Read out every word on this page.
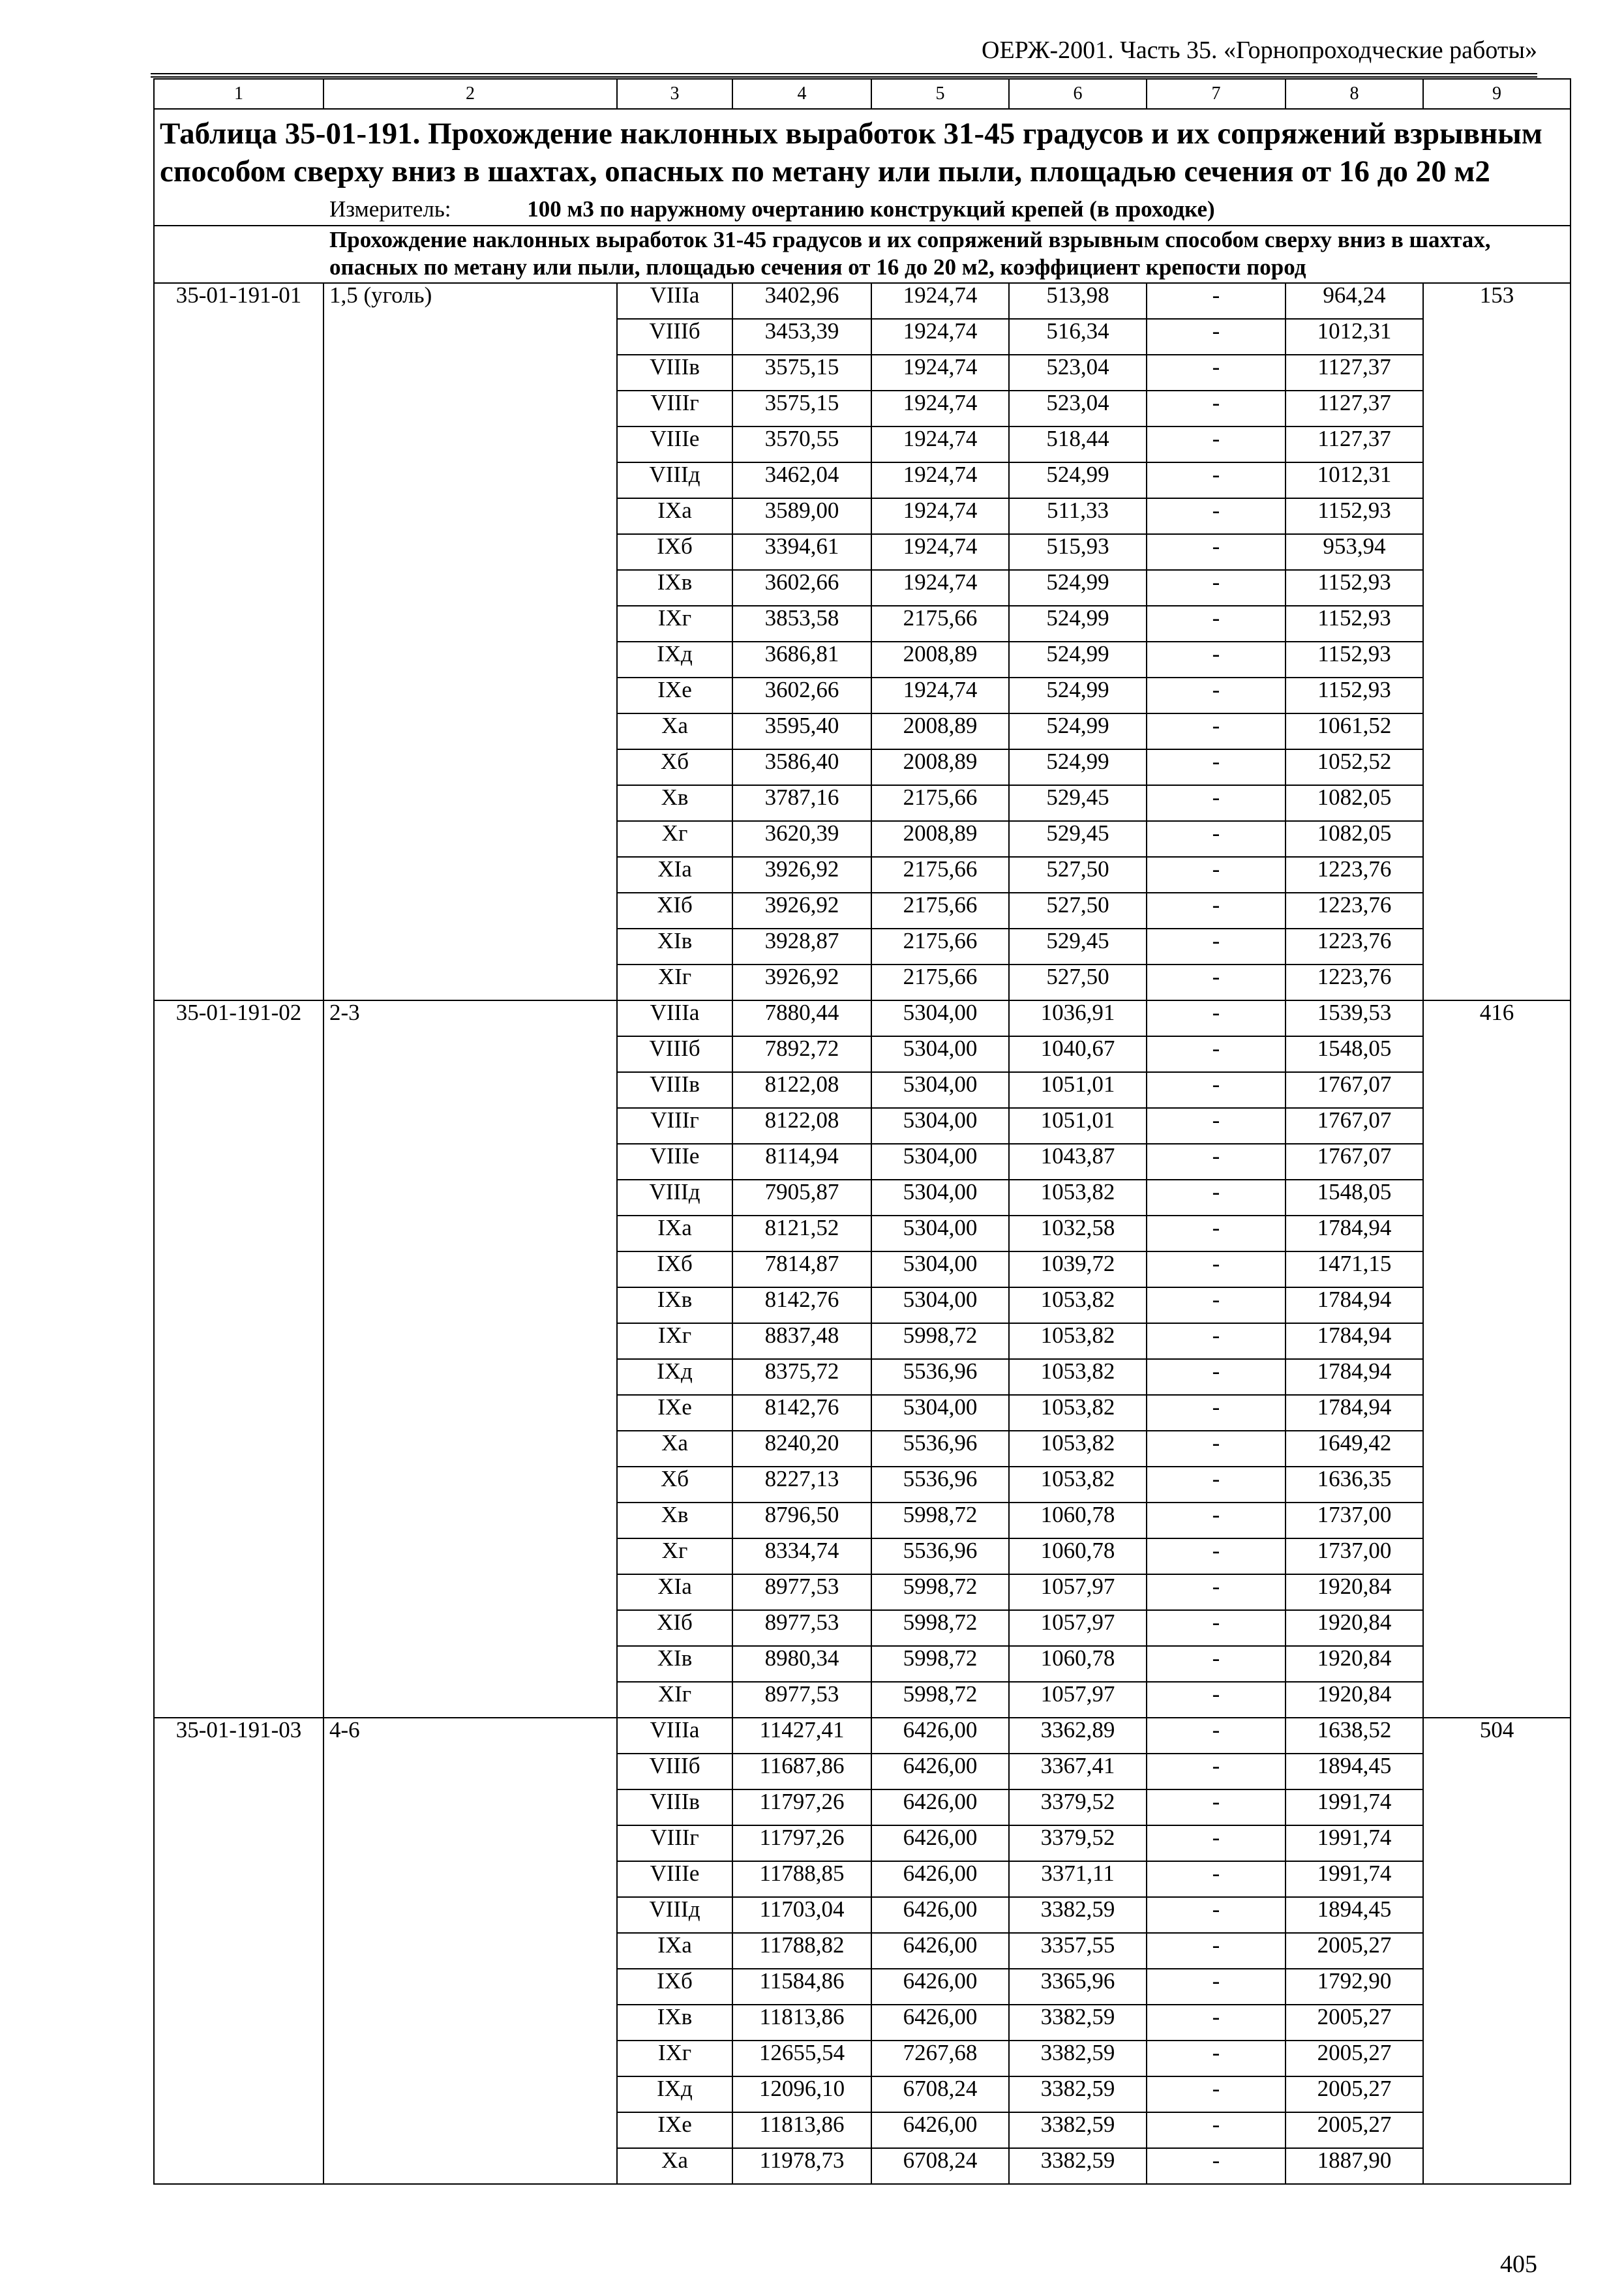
ОЕРЖ-2001. Часть 35. «Горнопроходческие работы»
1	2	3	4	5	6	7	8	9

Таблица 35-01-191. Прохождение наклонных выработок 31-45 градусов и их сопряжений взрывным способом сверху вниз в шахтах, опасных по метану или пыли, площадью сечения от 16 до 20 м2
Измеритель: 100 м3 по наружному очертанию конструкций крепей (в проходке)								

Прохождение наклонных выработок 31-45 градусов и их сопряжений взрывным способом сверху вниз в шахтах, опасных по метану или пыли, площадью сечения от 16 до 20 м2, коэффициент крепости пород								

35-01-191-01	1,5 (уголь)	VIIIа	3402,96	1924,74	513,98	-	964,24	153
		VIIIб	3453,39	1924,74	516,34	-	1012,31	
		VIIIв	3575,15	1924,74	523,04	-	1127,37	
		VIIIг	3575,15	1924,74	523,04	-	1127,37	
		VIIIе	3570,55	1924,74	518,44	-	1127,37	
		VIIIд	3462,04	1924,74	524,99	-	1012,31	
		IXа	3589,00	1924,74	511,33	-	1152,93	
		IXб	3394,61	1924,74	515,93	-	953,94	
		IXв	3602,66	1924,74	524,99	-	1152,93	
		IXг	3853,58	2175,66	524,99	-	1152,93	
		IXд	3686,81	2008,89	524,99	-	1152,93	
		IXе	3602,66	1924,74	524,99	-	1152,93	
		Xа	3595,40	2008,89	524,99	-	1061,52	
		Xб	3586,40	2008,89	524,99	-	1052,52	
		Xв	3787,16	2175,66	529,45	-	1082,05	
		Xг	3620,39	2008,89	529,45	-	1082,05	
		XIа	3926,92	2175,66	527,50	-	1223,76	
		XIб	3926,92	2175,66	527,50	-	1223,76	
		XIв	3928,87	2175,66	529,45	-	1223,76	
		XIг	3926,92	2175,66	527,50	-	1223,76	
35-01-191-02	2-3	VIIIа	7880,44	5304,00	1036,91	-	1539,53	416
		VIIIб	7892,72	5304,00	1040,67	-	1548,05	
		VIIIв	8122,08	5304,00	1051,01	-	1767,07	
		VIIIг	8122,08	5304,00	1051,01	-	1767,07	
		VIIIе	8114,94	5304,00	1043,87	-	1767,07	
		VIIIд	7905,87	5304,00	1053,82	-	1548,05	
		IXа	8121,52	5304,00	1032,58	-	1784,94	
		IXб	7814,87	5304,00	1039,72	-	1471,15	
		IXв	8142,76	5304,00	1053,82	-	1784,94	
		IXг	8837,48	5998,72	1053,82	-	1784,94	
		IXд	8375,72	5536,96	1053,82	-	1784,94	
		IXе	8142,76	5304,00	1053,82	-	1784,94	
		Xа	8240,20	5536,96	1053,82	-	1649,42	
		Xб	8227,13	5536,96	1053,82	-	1636,35	
		Xв	8796,50	5998,72	1060,78	-	1737,00	
		Xг	8334,74	5536,96	1060,78	-	1737,00	
		XIа	8977,53	5998,72	1057,97	-	1920,84	
		XIб	8977,53	5998,72	1057,97	-	1920,84	
		XIв	8980,34	5998,72	1060,78	-	1920,84	
		XIг	8977,53	5998,72	1057,97	-	1920,84	
35-01-191-03	4-6	VIIIа	11427,41	6426,00	3362,89	-	1638,52	504
		VIIIб	11687,86	6426,00	3367,41	-	1894,45	
		VIIIв	11797,26	6426,00	3379,52	-	1991,74	
		VIIIг	11797,26	6426,00	3379,52	-	1991,74	
		VIIIе	11788,85	6426,00	3371,11	-	1991,74	
		VIIIд	11703,04	6426,00	3382,59	-	1894,45	
		IXа	11788,82	6426,00	3357,55	-	2005,27	
		IXб	11584,86	6426,00	3365,96	-	1792,90	
		IXв	11813,86	6426,00	3382,59	-	2005,27	
		IXг	12655,54	7267,68	3382,59	-	2005,27	
		IXд	12096,10	6708,24	3382,59	-	2005,27	
		IXе	11813,86	6426,00	3382,59	-	2005,27	
		Xа	11978,73	6708,24	3382,59	-	1887,90	
405
